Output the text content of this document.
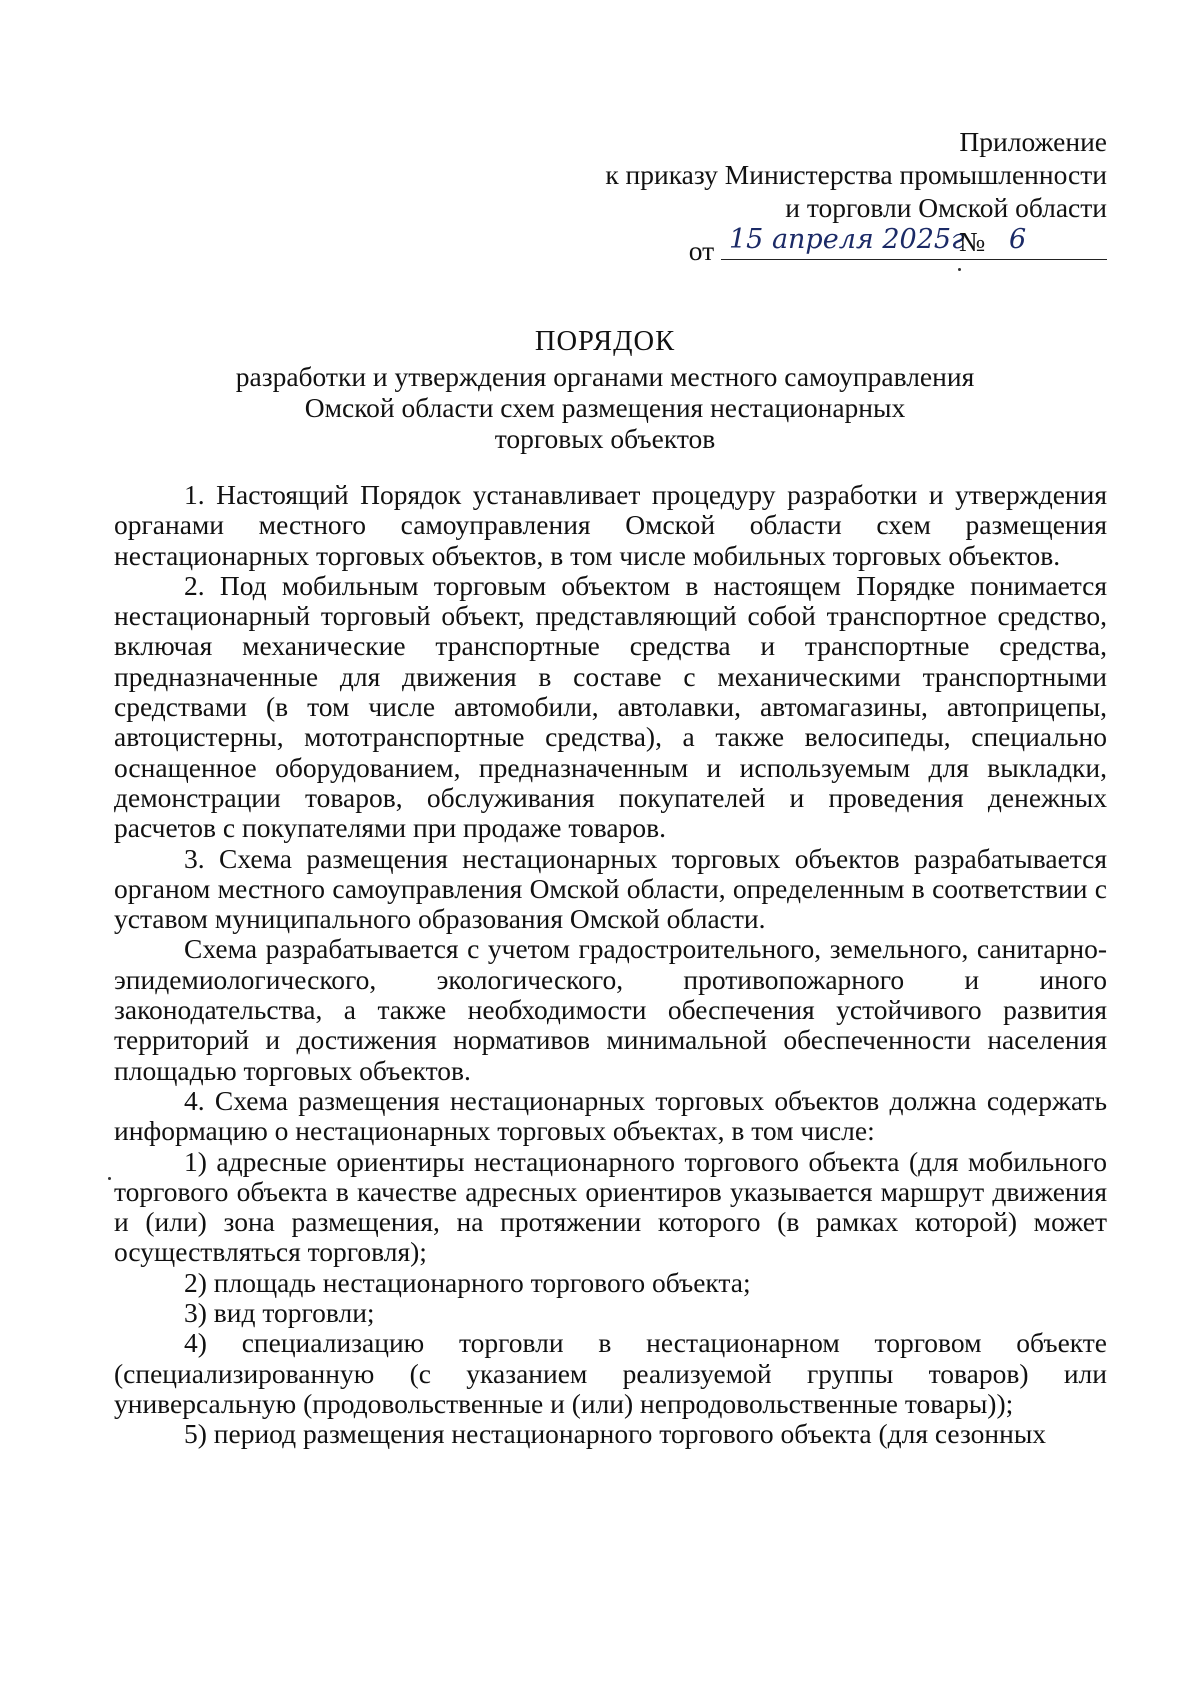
Приложение
к приказу Министерства промышленности
и торговли Омской области
от 15 апреля 2025г
№ 6
ПОРЯДОК
разработки и утверждения органами местного самоуправления
Омской области схем размещения нестационарных
торговых объектов

1. Настоящий Порядок устанавливает процедуру разработки и утверждения органами местного самоуправления Омской области схем размещения нестационарных торговых объектов, в том числе мобильных торговых объектов.

2. Под мобильным торговым объектом в настоящем Порядке понимается нестационарный торговый объект, представляющий собой транспортное средство, включая механические транспортные средства и транспортные средства, предназначенные для движения в составе с механическими транспортными средствами (в том числе автомобили, автолавки, автомагазины, автоприцепы, автоцистерны, мототранспортные средства), а также велосипеды, специально оснащенное оборудованием, предназначенным и используемым для выкладки, демонстрации товаров, обслуживания покупателей и проведения денежных расчетов с покупателями при продаже товаров.

3. Схема размещения нестационарных торговых объектов разрабатывается органом местного самоуправления Омской области, определенным в соответствии с уставом муниципального образования Омской области.

Схема разрабатывается с учетом градостроительного, земельного, санитарно-эпидемиологического, экологического, противопожарного и иного законодательства, а также необходимости обеспечения устойчивого развития территорий и достижения нормативов минимальной обеспеченности населения площадью торговых объектов.

4. Схема размещения нестационарных торговых объектов должна содержать информацию о нестационарных торговых объектах, в том числе:

1) адресные ориентиры нестационарного торгового объекта (для мобильного торгового объекта в качестве адресных ориентиров указывается маршрут движения и (или) зона размещения, на протяжении которого (в рамках которой) может осуществляться торговля);

2) площадь нестационарного торгового объекта;

3) вид торговли;

4) специализацию торговли в нестационарном торговом объекте (специализированную (с указанием реализуемой группы товаров) или универсальную (продовольственные и (или) непродовольственные товары));

5) период размещения нестационарного торгового объекта (для сезонных
